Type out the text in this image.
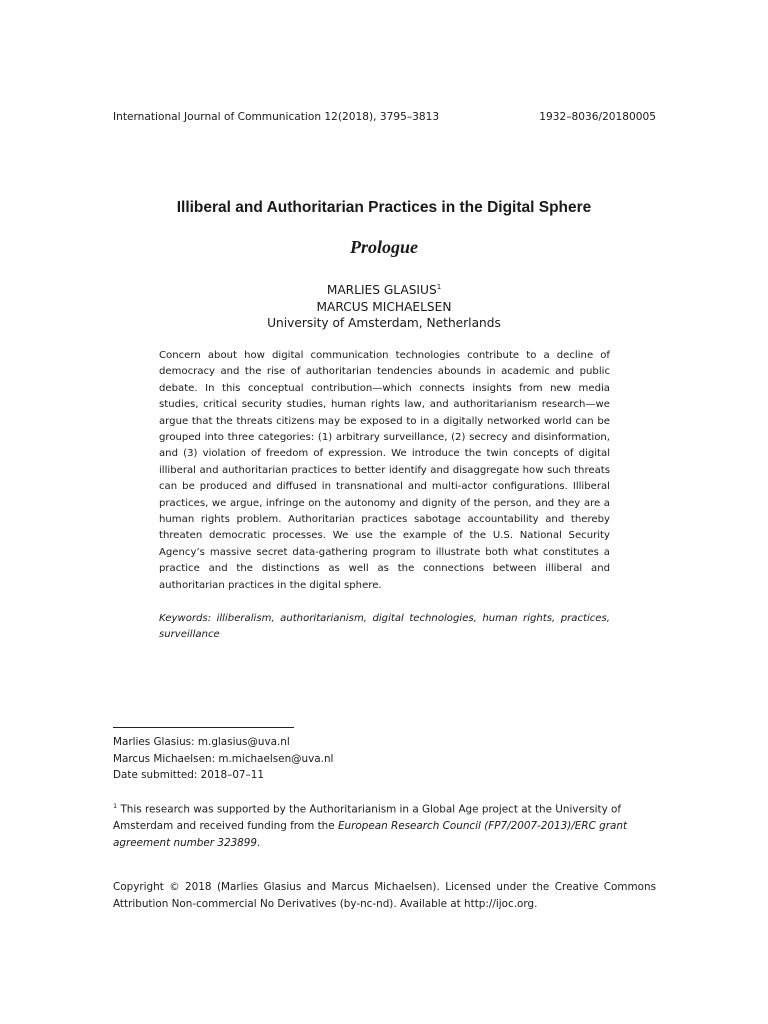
International Journal of Communication 12(2018), 3795–3813	1932–8036/20180005
Illiberal and Authoritarian Practices in the Digital Sphere
Prologue
MARLIES GLASIUS$^1$
MARCUS MICHAELSEN
University of Amsterdam, Netherlands
Concern about how digital communication technologies contribute to a decline of democracy and the rise of authoritarian tendencies abounds in academic and public debate. In this conceptual contribution—which connects insights from new media studies, critical security studies, human rights law, and authoritarianism research—we argue that the threats citizens may be exposed to in a digitally networked world can be grouped into three categories: (1) arbitrary surveillance, (2) secrecy and disinformation, and (3) violation of freedom of expression. We introduce the twin concepts of digital illiberal and authoritarian practices to better identify and disaggregate how such threats can be produced and diffused in transnational and multi-actor configurations. Illiberal practices, we argue, infringe on the autonomy and dignity of the person, and they are a human rights problem. Authoritarian practices sabotage accountability and thereby threaten democratic processes. We use the example of the U.S. National Security Agency’s massive secret data-gathering program to illustrate both what constitutes a practice and the distinctions as well as the connections between illiberal and authoritarian practices in the digital sphere.
Keywords: illiberalism, authoritarianism, digital technologies, human rights, practices, surveillance
Marlies Glasius: m.glasius@uva.nl
Marcus Michaelsen: m.michaelsen@uva.nl
Date submitted: 2018–07–11
$^1$ This research was supported by the Authoritarianism in a Global Age project at the University of Amsterdam and received funding from the European Research Council (FP7/2007-2013)/ERC grant agreement number 323899.
Copyright © 2018 (Marlies Glasius and Marcus Michaelsen). Licensed under the Creative Commons Attribution Non-commercial No Derivatives (by-nc-nd). Available at http://ijoc.org.
